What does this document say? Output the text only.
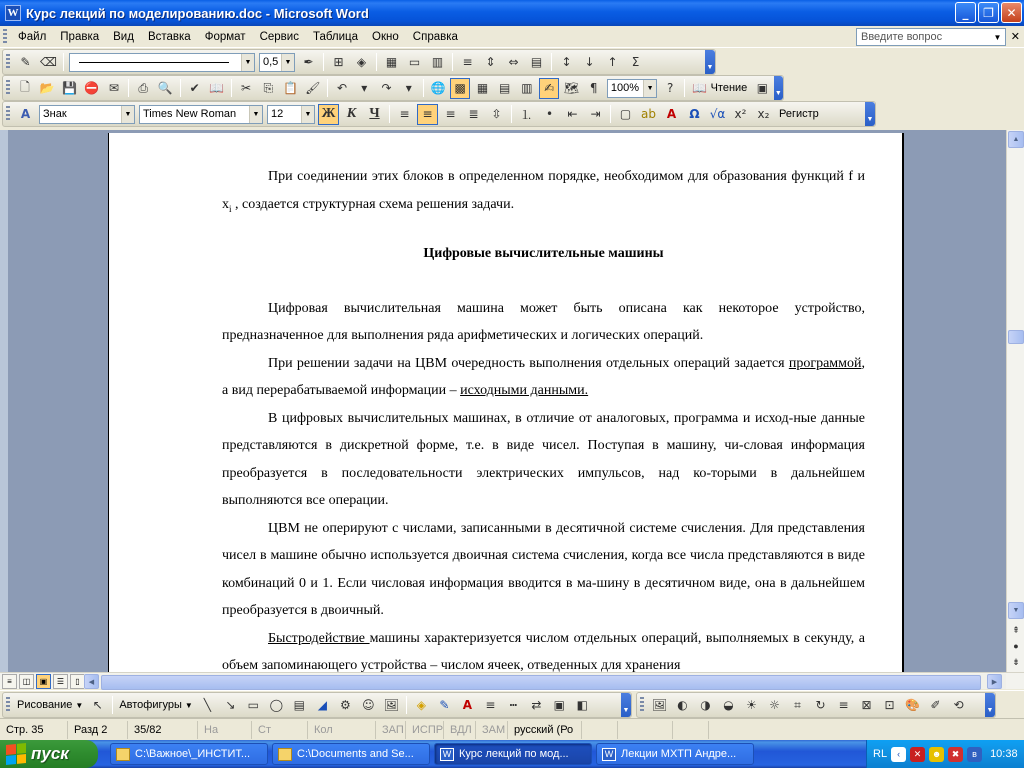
W Курс лекций по моделированию.doc - Microsoft Word	_	❐	✕
Файл	Правка	Вид	Вставка	Формат	Сервис	Таблица	Окно	Справка	Введите вопрос	▼ ✕
✎ ⌫	▼ 0,5 ▼	✒	⊞	◈	▦ ▭ ▥	≡	⇕	⇔	▤	↕	↓	↑	Σ	▼
🗋 📂 💾 ⛔ ✉	⎙ 🔍	✔ 📖	✂	⎘ 📋 🖌	↶	▾	↷	▾	🌐 ▩ ▦ ▤ ▥ ✍ 🗺 ¶	100%	▼	?	📖 Чтение ▣ ▼
A	Знак	▼ Times New Roman	▼ 12	▼ Ж К Ч	≡	≡	≡	≣	⇳	⒈	•	⇤	⇥	▢ ab A	Ω √α x² x₂ Регистр	▼

При соединении этих блоков в определенном порядке, необходимом для образования функций f и $x_i$ , создается структурная схема решения задачи.

Цифровые вычислительные машины

Цифровая вычислительная машина может быть описана как некоторое устройство, предназначенное для выполнения ряда арифметических и логических операций.

При решении задачи на ЦВМ очередность выполнения отдельных операций задается программой, а вид перерабатываемой информации – исходными данными.

В цифровых вычислительных машинах, в отличие от аналоговых, программа и исход-ные данные представляются в дискретной форме, т.е. в виде чисел. Поступая в машину, чи-словая информация преобразуется в последовательности электрических импульсов, над ко-торыми в дальнейшем выполняются все операции.

ЦВМ не оперируют с числами, записанными в десятичной системе счисления. Для представления чисел в машине обычно используется двоичная система счисления, когда все числа представляются в виде комбинаций 0 и 1. Если числовая информация вводится в ма-шину в десятичном виде, она в дальнейшем преобразуется в двоичный.

Быстродействие машины характеризуется числом отдельных операций, выполняемых в секунду, а объем запоминающего устройства – числом ячеек, отведенных для хранения

▲
▼
⇞
●
⇟
≡	◫	▣	☰	▯	◀	▶
Рисование ▼ ↖	Автофигуры ▼ ╲	↘	▭ ◯ ▤	◢	⚙ ☺ 🖼	◈	✎	A	≡	┅	⇄	▣ ◧	▼ 🖼 ◐	◑	◒	☀	☼	⌗	↻	≡	⊠	⊡ 🎨 ✐	⟲	▼
Стр. 35	Разд 2	35/82	На	Ст	Кол	ЗАП ИСПР ВДЛ ЗАМ русский (Ро
пуск	C:\Важное\_ИНСТИТ...	C:\Documents and Se...	W Курс лекций по мод...	W Лекции МХТП Андре...	RL	‹	✕	☻	✖	ʙ	10:38
